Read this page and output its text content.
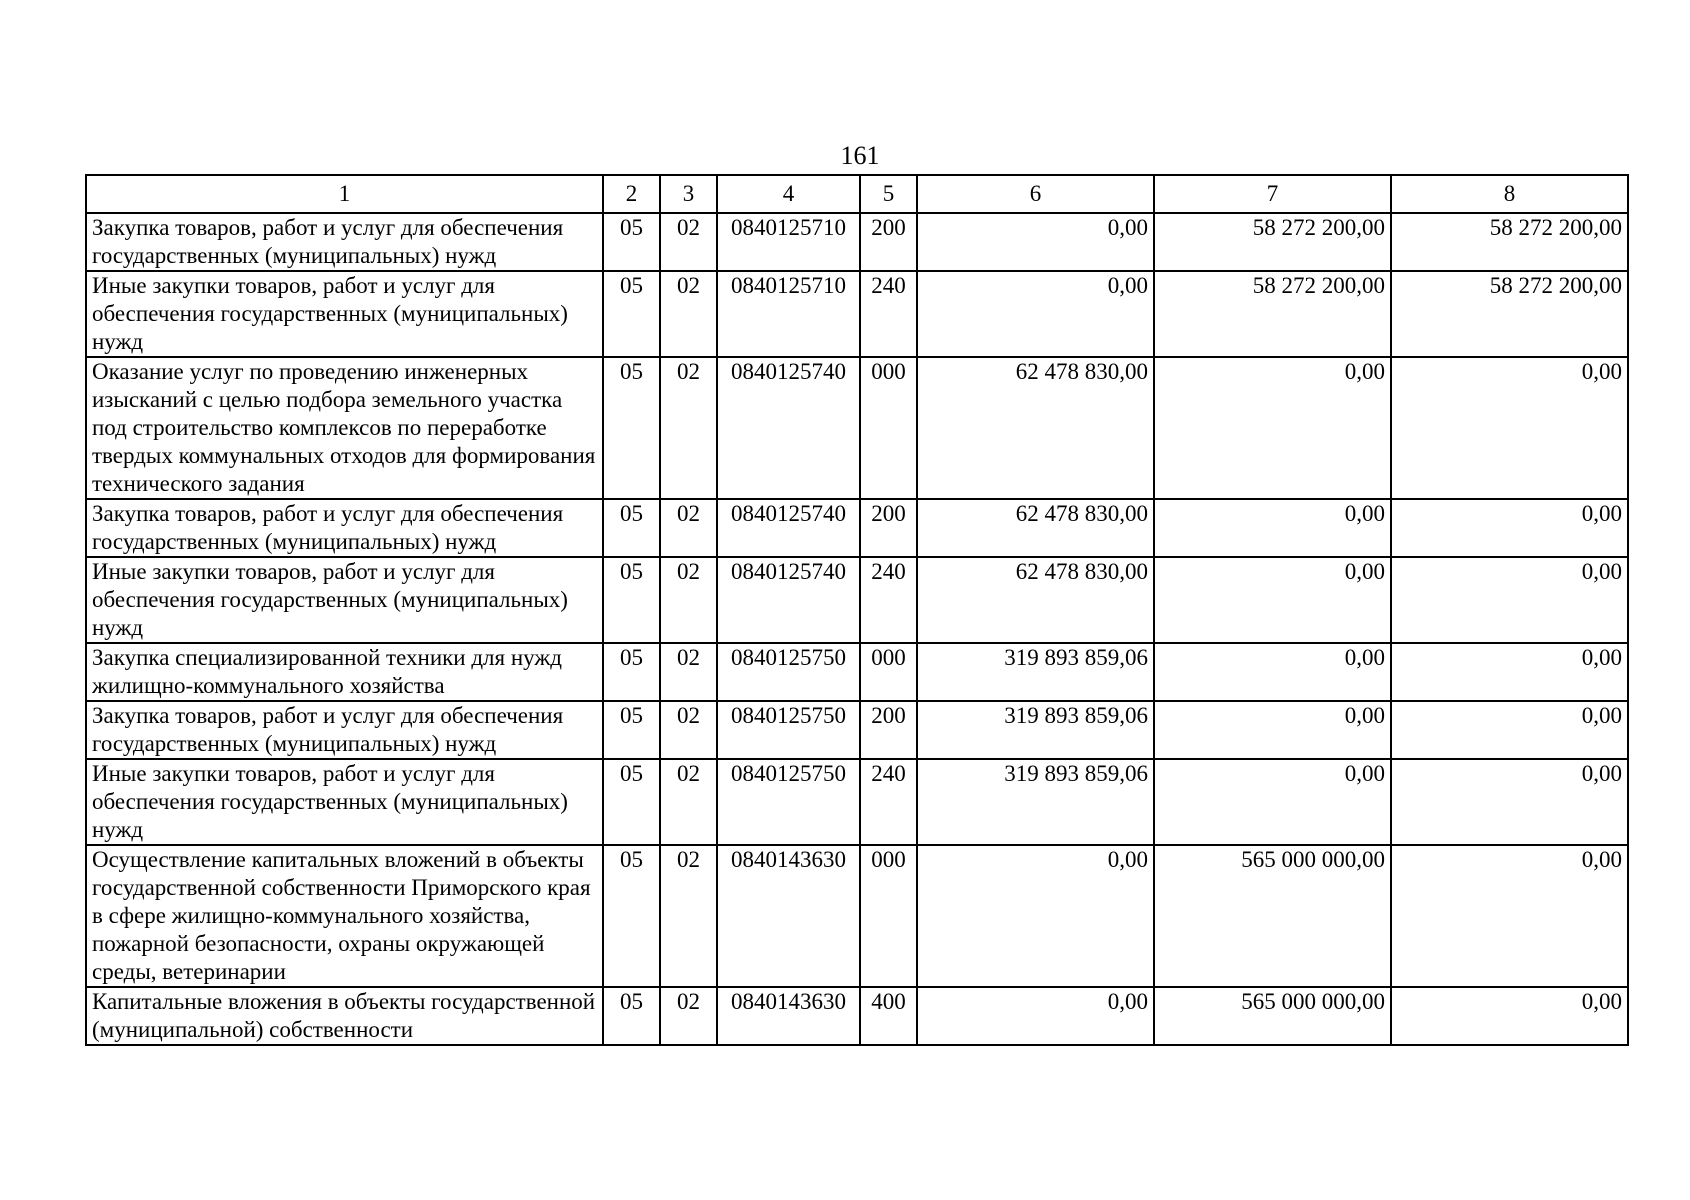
161
1	2	3	4	5	6	7	8
Закупка товаров, работ и услуг для обеспечения государственных (муниципальных) нужд	05	02	0840125710	200	0,00	58 272 200,00	58 272 200,00
Иные закупки товаров, работ и услуг для обеспечения государственных (муниципальных) нужд	05	02	0840125710	240	0,00	58 272 200,00	58 272 200,00
Оказание услуг по проведению инженерных изысканий с целью подбора земельного участка под строительство комплексов по переработке твердых коммунальных отходов для формирования технического задания	05	02	0840125740	000	62 478 830,00	0,00	0,00
Закупка товаров, работ и услуг для обеспечения государственных (муниципальных) нужд	05	02	0840125740	200	62 478 830,00	0,00	0,00
Иные закупки товаров, работ и услуг для обеспечения государственных (муниципальных) нужд	05	02	0840125740	240	62 478 830,00	0,00	0,00
Закупка специализированной техники для нужд жилищно-коммунального хозяйства	05	02	0840125750	000	319 893 859,06	0,00	0,00
Закупка товаров, работ и услуг для обеспечения государственных (муниципальных) нужд	05	02	0840125750	200	319 893 859,06	0,00	0,00
Иные закупки товаров, работ и услуг для обеспечения государственных (муниципальных) нужд	05	02	0840125750	240	319 893 859,06	0,00	0,00
Осуществление капитальных вложений в объекты государственной собственности Приморского края в сфере жилищно-коммунального хозяйства, пожарной безопасности, охраны окружающей среды, ветеринарии	05	02	0840143630	000	0,00	565 000 000,00	0,00
Капитальные вложения в объекты государственной (муниципальной) собственности	05	02	0840143630	400	0,00	565 000 000,00	0,00
